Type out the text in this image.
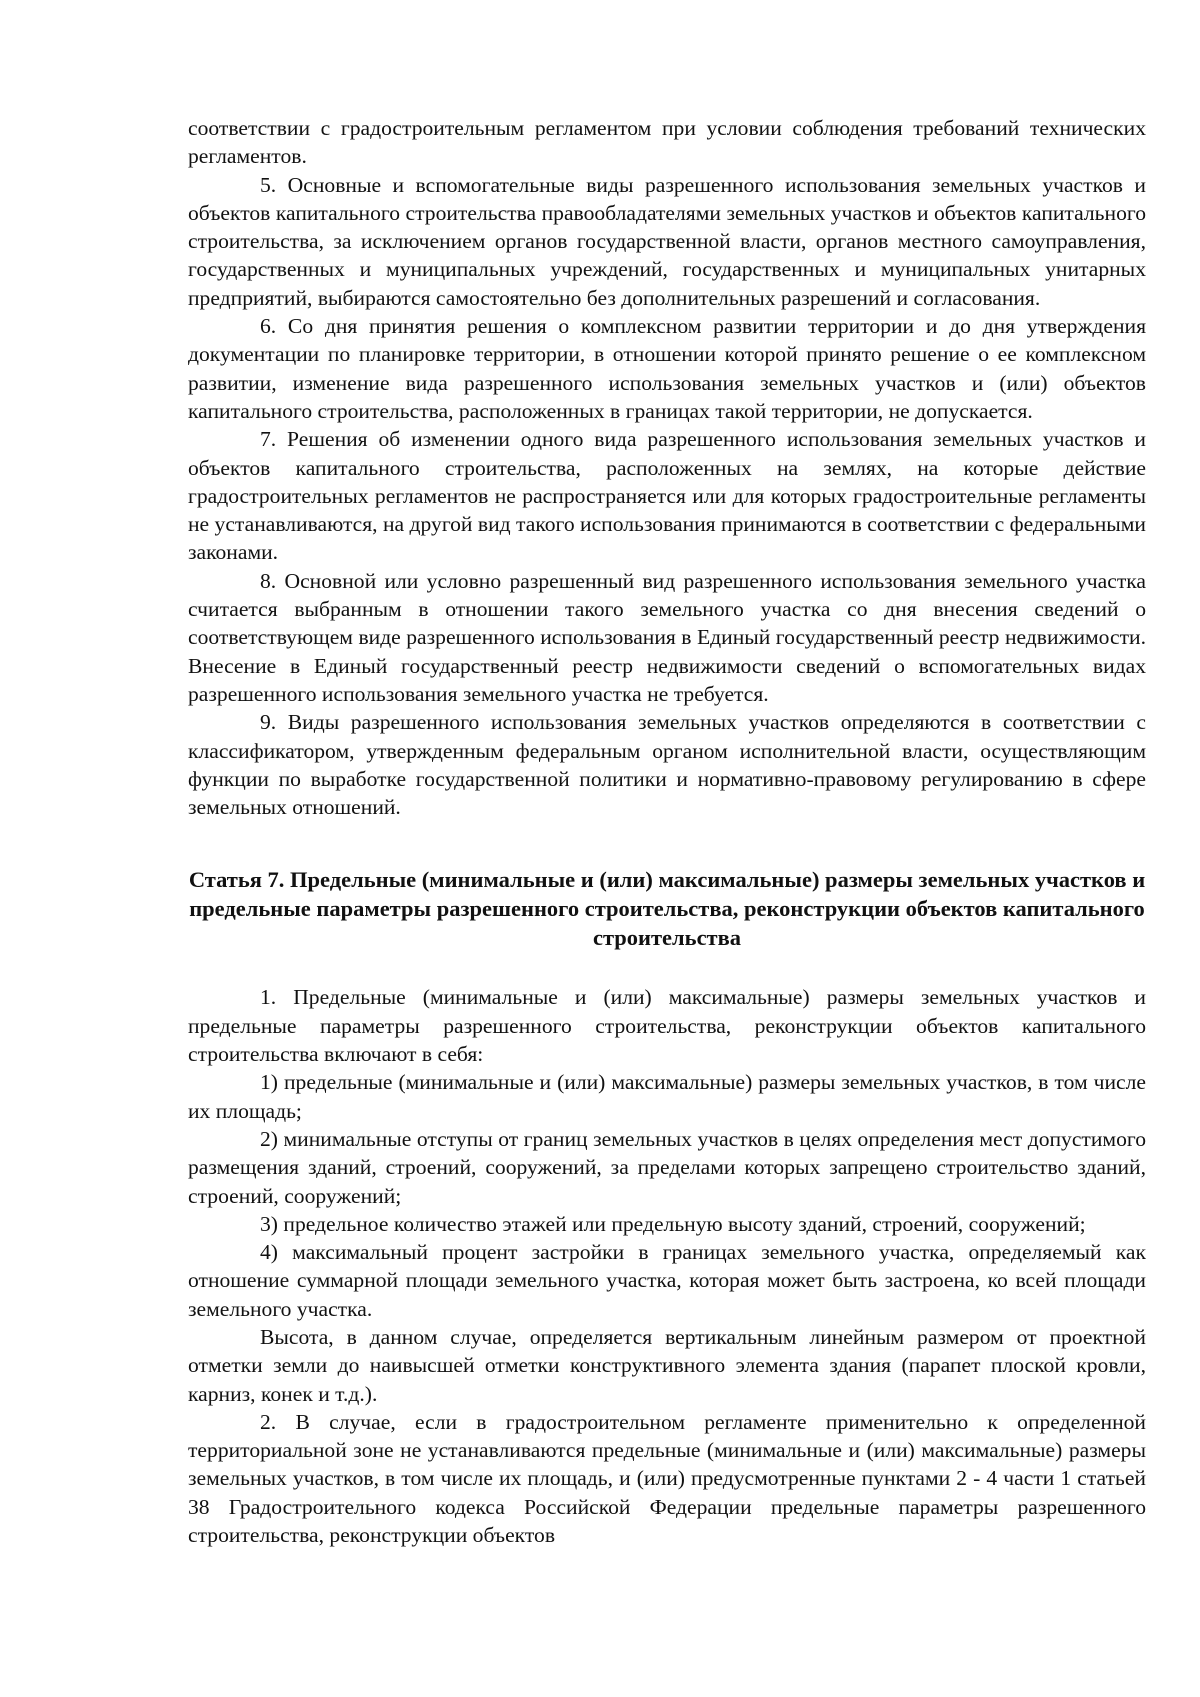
соответствии с градостроительным регламентом при условии соблюдения требований технических регламентов.

5. Основные и вспомогательные виды разрешенного использования земельных участков и объектов капитального строительства правообладателями земельных участков и объектов капитального строительства, за исключением органов государственной власти, органов местного самоуправления, государственных и муниципальных учреждений, государственных и муниципальных унитарных предприятий, выбираются самостоятельно без дополнительных разрешений и согласования.

6. Со дня принятия решения о комплексном развитии территории и до дня утверждения документации по планировке территории, в отношении которой принято решение о ее комплексном развитии, изменение вида разрешенного использования земельных участков и (или) объектов капитального строительства, расположенных в границах такой территории, не допускается.

7. Решения об изменении одного вида разрешенного использования земельных участков и объектов капитального строительства, расположенных на землях, на которые действие градостроительных регламентов не распространяется или для которых градостроительные регламенты не устанавливаются, на другой вид такого использования принимаются в соответствии с федеральными законами.

8. Основной или условно разрешенный вид разрешенного использования земельного участка считается выбранным в отношении такого земельного участка со дня внесения сведений о соответствующем виде разрешенного использования в Единый государственный реестр недвижимости. Внесение в Единый государственный реестр недвижимости сведений о вспомогательных видах разрешенного использования земельного участка не требуется.

9. Виды разрешенного использования земельных участков определяются в соответствии с классификатором, утвержденным федеральным органом исполнительной власти, осуществляющим функции по выработке государственной политики и нормативно-правовому регулированию в сфере земельных отношений.

Статья 7. Предельные (минимальные и (или) максимальные) размеры земельных участков и предельные параметры разрешенного строительства, реконструкции объектов капитального строительства

1. Предельные (минимальные и (или) максимальные) размеры земельных участков и предельные параметры разрешенного строительства, реконструкции объектов капитального строительства включают в себя:

1) предельные (минимальные и (или) максимальные) размеры земельных участков, в том числе их площадь;

2) минимальные отступы от границ земельных участков в целях определения мест допустимого размещения зданий, строений, сооружений, за пределами которых запрещено строительство зданий, строений, сооружений;

3) предельное количество этажей или предельную высоту зданий, строений, сооружений;

4) максимальный процент застройки в границах земельного участка, определяемый как отношение суммарной площади земельного участка, которая может быть застроена, ко всей площади земельного участка.

Высота, в данном случае, определяется вертикальным линейным размером от проектной отметки земли до наивысшей отметки конструктивного элемента здания (парапет плоской кровли, карниз, конек и т.д.).

2. В случае, если в градостроительном регламенте применительно к определенной территориальной зоне не устанавливаются предельные (минимальные и (или) максимальные) размеры земельных участков, в том числе их площадь, и (или) предусмотренные пунктами 2 - 4 части 1 статьей 38 Градостроительного кодекса Российской Федерации предельные параметры разрешенного строительства, реконструкции объектов
